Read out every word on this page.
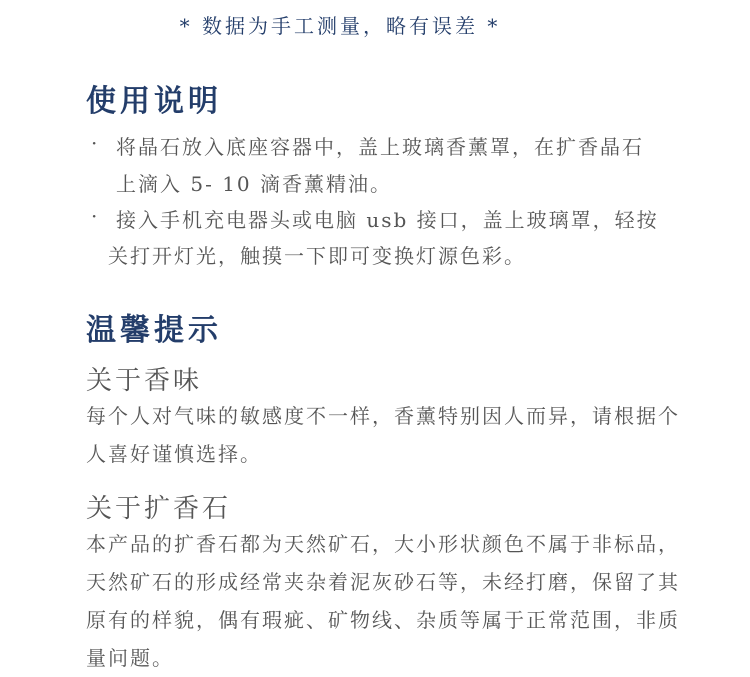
* 数据为手工测量，略有误差 *
使用说明
· 将晶石放入底座容器中，盖上玻璃香薰罩，在扩香晶石
上滴入 5- 10 滴香薰精油。
· 接入手机充电器头或电脑 usb 接口，盖上玻璃罩，轻按
关打开灯光，触摸一下即可变换灯源色彩。
温馨提示
关于香味
每个人对气味的敏感度不一样，香薰特别因人而异，请根据个人喜好谨慎选择。
关于扩香石
本产品的扩香石都为天然矿石，大小形状颜色不属于非标品，天然矿石的形成经常夹杂着泥灰砂石等，未经打磨，保留了其原有的样貌，偶有瑕疵、矿物线、杂质等属于正常范围，非质量问题。
